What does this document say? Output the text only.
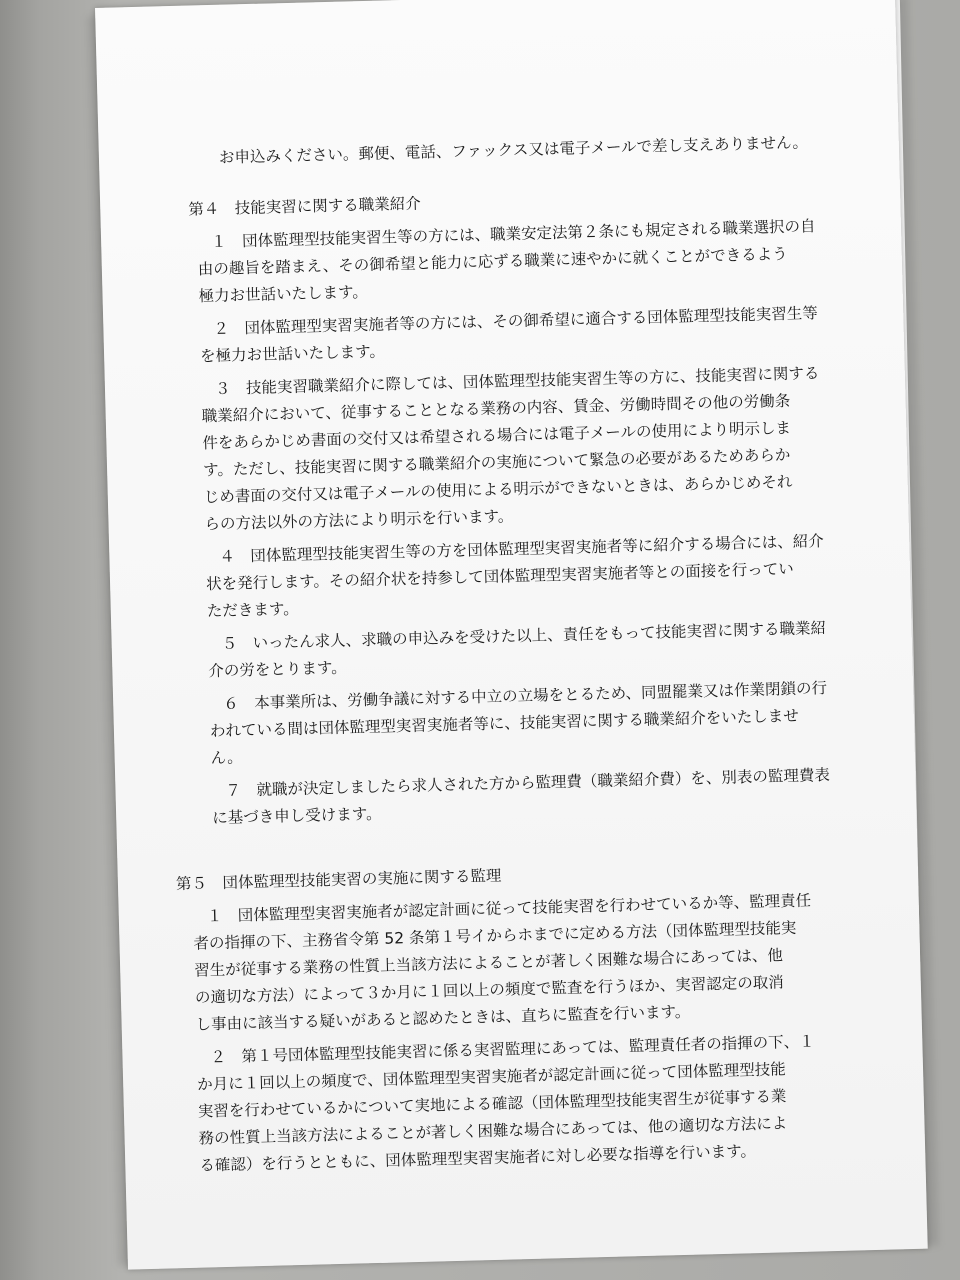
お申込みください。郵便、電話、ファックス又は電子メールで差し支えありません。
第４　技能実習に関する職業紹介
１　団体監理型技能実習生等の方には、職業安定法第２条にも規定される職業選択の自
由の趣旨を踏まえ、その御希望と能力に応ずる職業に速やかに就くことができるよう
極力お世話いたします。
２　団体監理型実習実施者等の方には、その御希望に適合する団体監理型技能実習生等
を極力お世話いたします。
３　技能実習職業紹介に際しては、団体監理型技能実習生等の方に、技能実習に関する
職業紹介において、従事することとなる業務の内容、賃金、労働時間その他の労働条
件をあらかじめ書面の交付又は希望される場合には電子メールの使用により明示しま
す。ただし、技能実習に関する職業紹介の実施について緊急の必要があるためあらか
じめ書面の交付又は電子メールの使用による明示ができないときは、あらかじめそれ
らの方法以外の方法により明示を行います。
４　団体監理型技能実習生等の方を団体監理型実習実施者等に紹介する場合には、紹介
状を発行します。その紹介状を持参して団体監理型実習実施者等との面接を行ってい
ただきます。
５　いったん求人、求職の申込みを受けた以上、責任をもって技能実習に関する職業紹
介の労をとります。
６　本事業所は、労働争議に対する中立の立場をとるため、同盟罷業又は作業閉鎖の行
われている間は団体監理型実習実施者等に、技能実習に関する職業紹介をいたしませ
ん。
７　就職が決定しましたら求人された方から監理費（職業紹介費）を、別表の監理費表
に基づき申し受けます。
第５　団体監理型技能実習の実施に関する監理
１　団体監理型実習実施者が認定計画に従って技能実習を行わせているか等、監理責任
者の指揮の下、主務省令第 52 条第１号イからホまでに定める方法（団体監理型技能実
習生が従事する業務の性質上当該方法によることが著しく困難な場合にあっては、他
の適切な方法）によって３か月に１回以上の頻度で監査を行うほか、実習認定の取消
し事由に該当する疑いがあると認めたときは、直ちに監査を行います。
２　第１号団体監理型技能実習に係る実習監理にあっては、監理責任者の指揮の下、１
か月に１回以上の頻度で、団体監理型実習実施者が認定計画に従って団体監理型技能
実習を行わせているかについて実地による確認（団体監理型技能実習生が従事する業
務の性質上当該方法によることが著しく困難な場合にあっては、他の適切な方法によ
る確認）を行うとともに、団体監理型実習実施者に対し必要な指導を行います。
